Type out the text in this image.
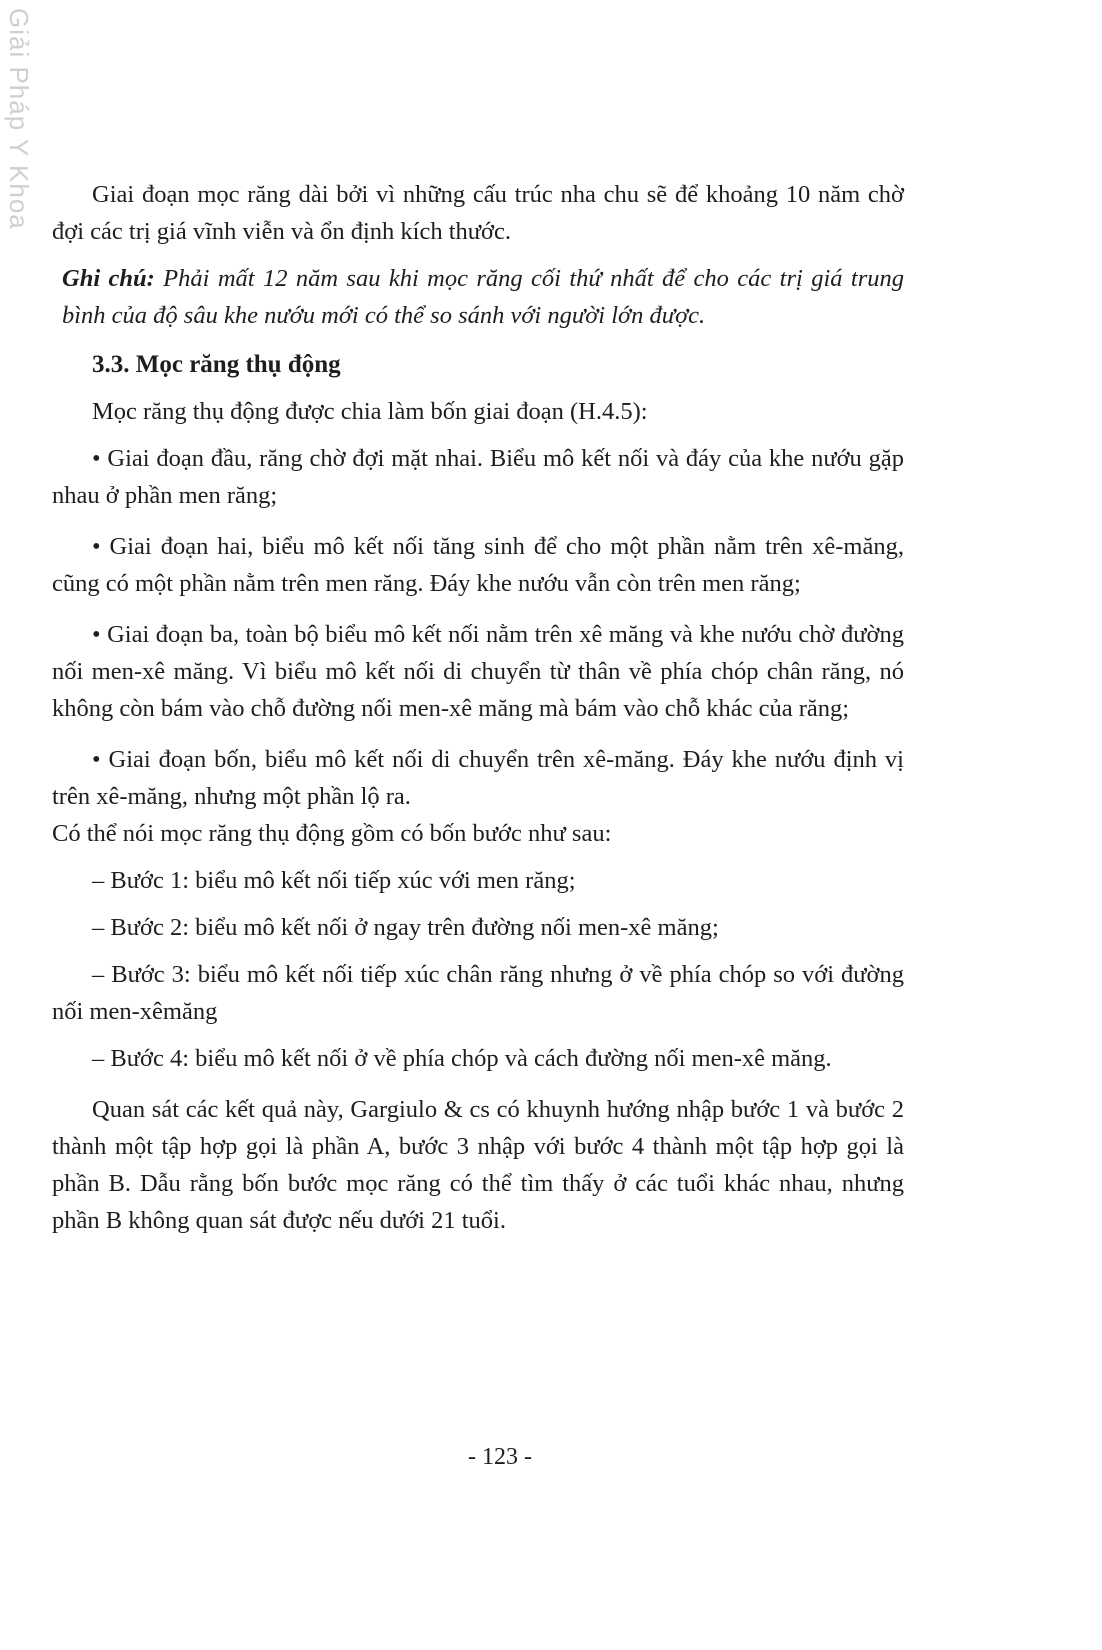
Giải Pháp Y Khoa	Giai đoạn mọc răng dài bởi vì những cấu trúc nha chu sẽ để khoảng 10 năm chờ đợi các trị giá vĩnh viễn và ổn định kích thước.

Ghi chú: Phải mất 12 năm sau khi mọc răng cối thứ nhất để cho các trị giá trung bình của độ sâu khe nướu mới có thể so sánh với người lớn được.

3.3. Mọc răng thụ động

Mọc răng thụ động được chia làm bốn giai đoạn (H.4.5):

• Giai đoạn đầu, răng chờ đợi mặt nhai. Biểu mô kết nối và đáy của khe nướu gặp nhau ở phần men răng;

• Giai đoạn hai, biểu mô kết nối tăng sinh để cho một phần nằm trên xê-măng, cũng có một phần nằm trên men răng. Đáy khe nướu vẫn còn trên men răng;

• Giai đoạn ba, toàn bộ biểu mô kết nối nằm trên xê măng và khe nướu chờ đường nối men-xê măng. Vì biểu mô kết nối di chuyển từ thân về phía chóp chân răng, nó không còn bám vào chỗ đường nối men-xê măng mà bám vào chỗ khác của răng;

• Giai đoạn bốn, biểu mô kết nối di chuyển trên xê-măng. Đáy khe nướu định vị trên xê-măng, nhưng một phần lộ ra.

Có thể nói mọc răng thụ động gồm có bốn bước như sau:

– Bước 1: biểu mô kết nối tiếp xúc với men răng;

– Bước 2: biểu mô kết nối ở ngay trên đường nối men-xê măng;

– Bước 3: biểu mô kết nối tiếp xúc chân răng nhưng ở về phía chóp so với đường nối men-xêmăng

– Bước 4: biểu mô kết nối ở về phía chóp và cách đường nối men-xê măng.

Quan sát các kết quả này, Gargiulo & cs có khuynh hướng nhập bước 1 và bước 2 thành một tập hợp gọi là phần A, bước 3 nhập với bước 4 thành một tập hợp gọi là phần B. Dẫu rằng bốn bước mọc răng có thể tìm thấy ở các tuổi khác nhau, nhưng phần B không quan sát được nếu dưới 21 tuổi.

- 123 -
